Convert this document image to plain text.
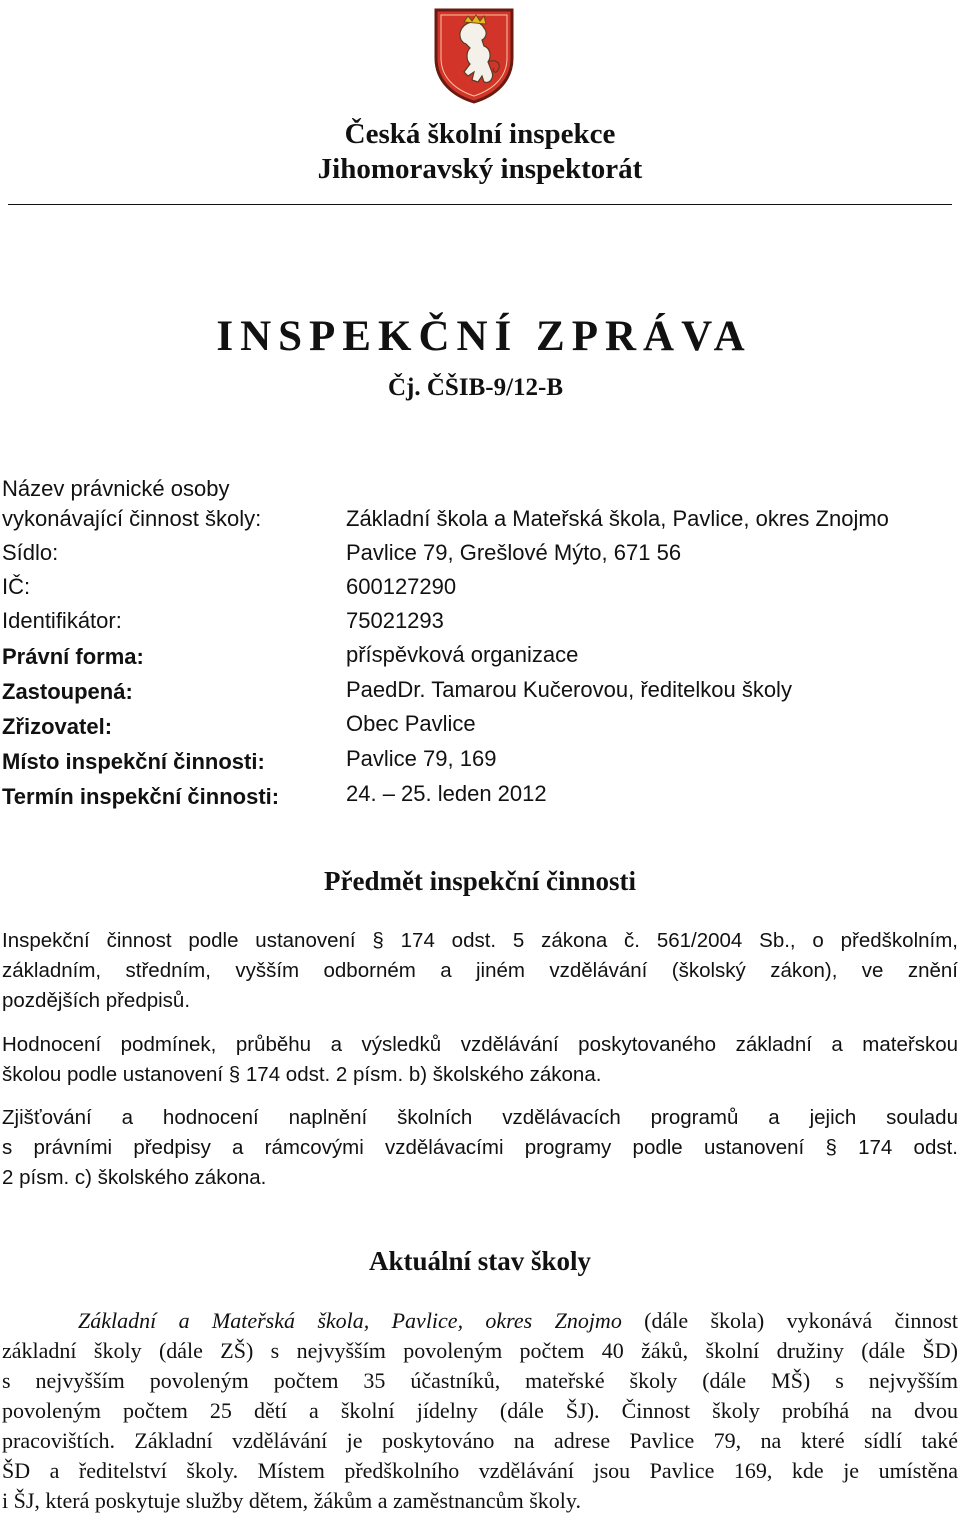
Česká školní inspekce
Jihomoravský inspektorát
INSPEKČNÍ ZPRÁVA
Čj. ČŠIB-9/12-B
Název právnické osoby
vykonávající činnost školy:	Základní škola a Mateřská škola, Pavlice, okres Znojmo
Sídlo:	Pavlice 79, Grešlové Mýto, 671 56
IČ:	600127290
Identifikátor:	75021293
Právní forma:	příspěvková organizace
Zastoupená:	PaedDr. Tamarou Kučerovou, ředitelkou školy
Zřizovatel:	Obec Pavlice
Místo inspekční činnosti:	Pavlice 79, 169
Termín inspekční činnosti:	24. – 25. leden 2012
Předmět inspekční činnosti
Inspekční činnost podle ustanovení § 174 odst. 5 zákona č. 561/2004 Sb., o předškolním,
základním, středním, vyšším odborném a jiném vzdělávání (školský zákon), ve znění
pozdějších předpisů.
Hodnocení podmínek, průběhu a výsledků vzdělávání poskytovaného základní a mateřskou
školou podle ustanovení § 174 odst. 2 písm. b) školského zákona.
Zjišťování a hodnocení naplnění školních vzdělávacích programů a jejich souladu
s právními předpisy a rámcovými vzdělávacími programy podle ustanovení § 174 odst.
2 písm. c) školského zákona.
Aktuální stav školy
Základní a Mateřská škola, Pavlice, okres Znojmo (dále škola) vykonává činnost
základní školy (dále ZŠ) s nejvyšším povoleným počtem 40 žáků, školní družiny (dále ŠD)
s nejvyšším povoleným počtem 35 účastníků, mateřské školy (dále MŠ) s nejvyšším
povoleným počtem 25 dětí a školní jídelny (dále ŠJ). Činnost školy probíhá na dvou
pracovištích. Základní vzdělávání je poskytováno na adrese Pavlice 79, na které sídlí také
ŠD a ředitelství školy. Místem předškolního vzdělávání jsou Pavlice 169, kde je umístěna
i ŠJ, která poskytuje služby dětem, žákům a zaměstnancům školy.
